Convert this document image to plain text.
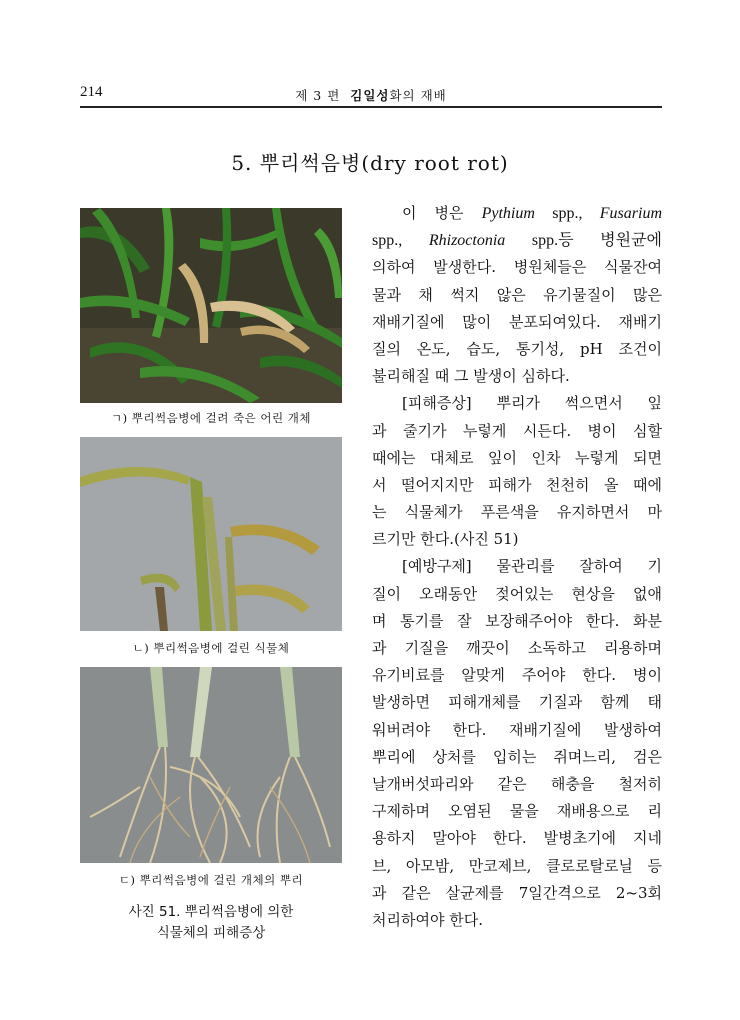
214	제 3 편 김일성화의 재배
5. 뿌리썩음병(dry root rot)
ㄱ) 뿌리썩음병에 걸려 죽은 어린 개체
ㄴ) 뿌리썩음병에 걸린 식물체
ㄷ) 뿌리썩음병에 걸린 개체의 뿌리
사진 51. 뿌리썩음병에 의한
식물체의 피해증상
이 병은 Pythium spp., Fusarium
spp., Rhizoctonia spp.등 병원균에
의하여 발생한다. 병원체들은 식물잔여
물과 채 썩지 않은 유기물질이 많은
재배기질에 많이 분포되여있다. 재배기
질의 온도, 습도, 통기성, pH 조건이
불리해질 때 그 발생이 심하다.
[피해증상] 뿌리가 썩으면서 잎
과 줄기가 누렇게 시든다. 병이 심할
때에는 대체로 잎이 인차 누렇게 되면
서 떨어지지만 피해가 천천히 올 때에
는 식물체가 푸른색을 유지하면서 마
르기만 한다.(사진 51)
[예방구제] 물관리를 잘하여 기
질이 오래동안 젖어있는 현상을 없애
며 통기를 잘 보장해주어야 한다. 화분
과 기질을 깨끗이 소독하고 리용하며
유기비료를 알맞게 주어야 한다. 병이
발생하면 피해개체를 기질과 함께 태
워버려야 한다. 재배기질에 발생하여
뿌리에 상처를 입히는 쥐며느리, 검은
날개버섯파리와 같은 해충을 철저히
구제하며 오염된 물을 재배용으로 리
용하지 말아야 한다. 발병초기에 지네
브, 아모밤, 만코제브, 클로로탈로닐 등
과 같은 살균제를 7일간격으로 2~3회
처리하여야 한다.
